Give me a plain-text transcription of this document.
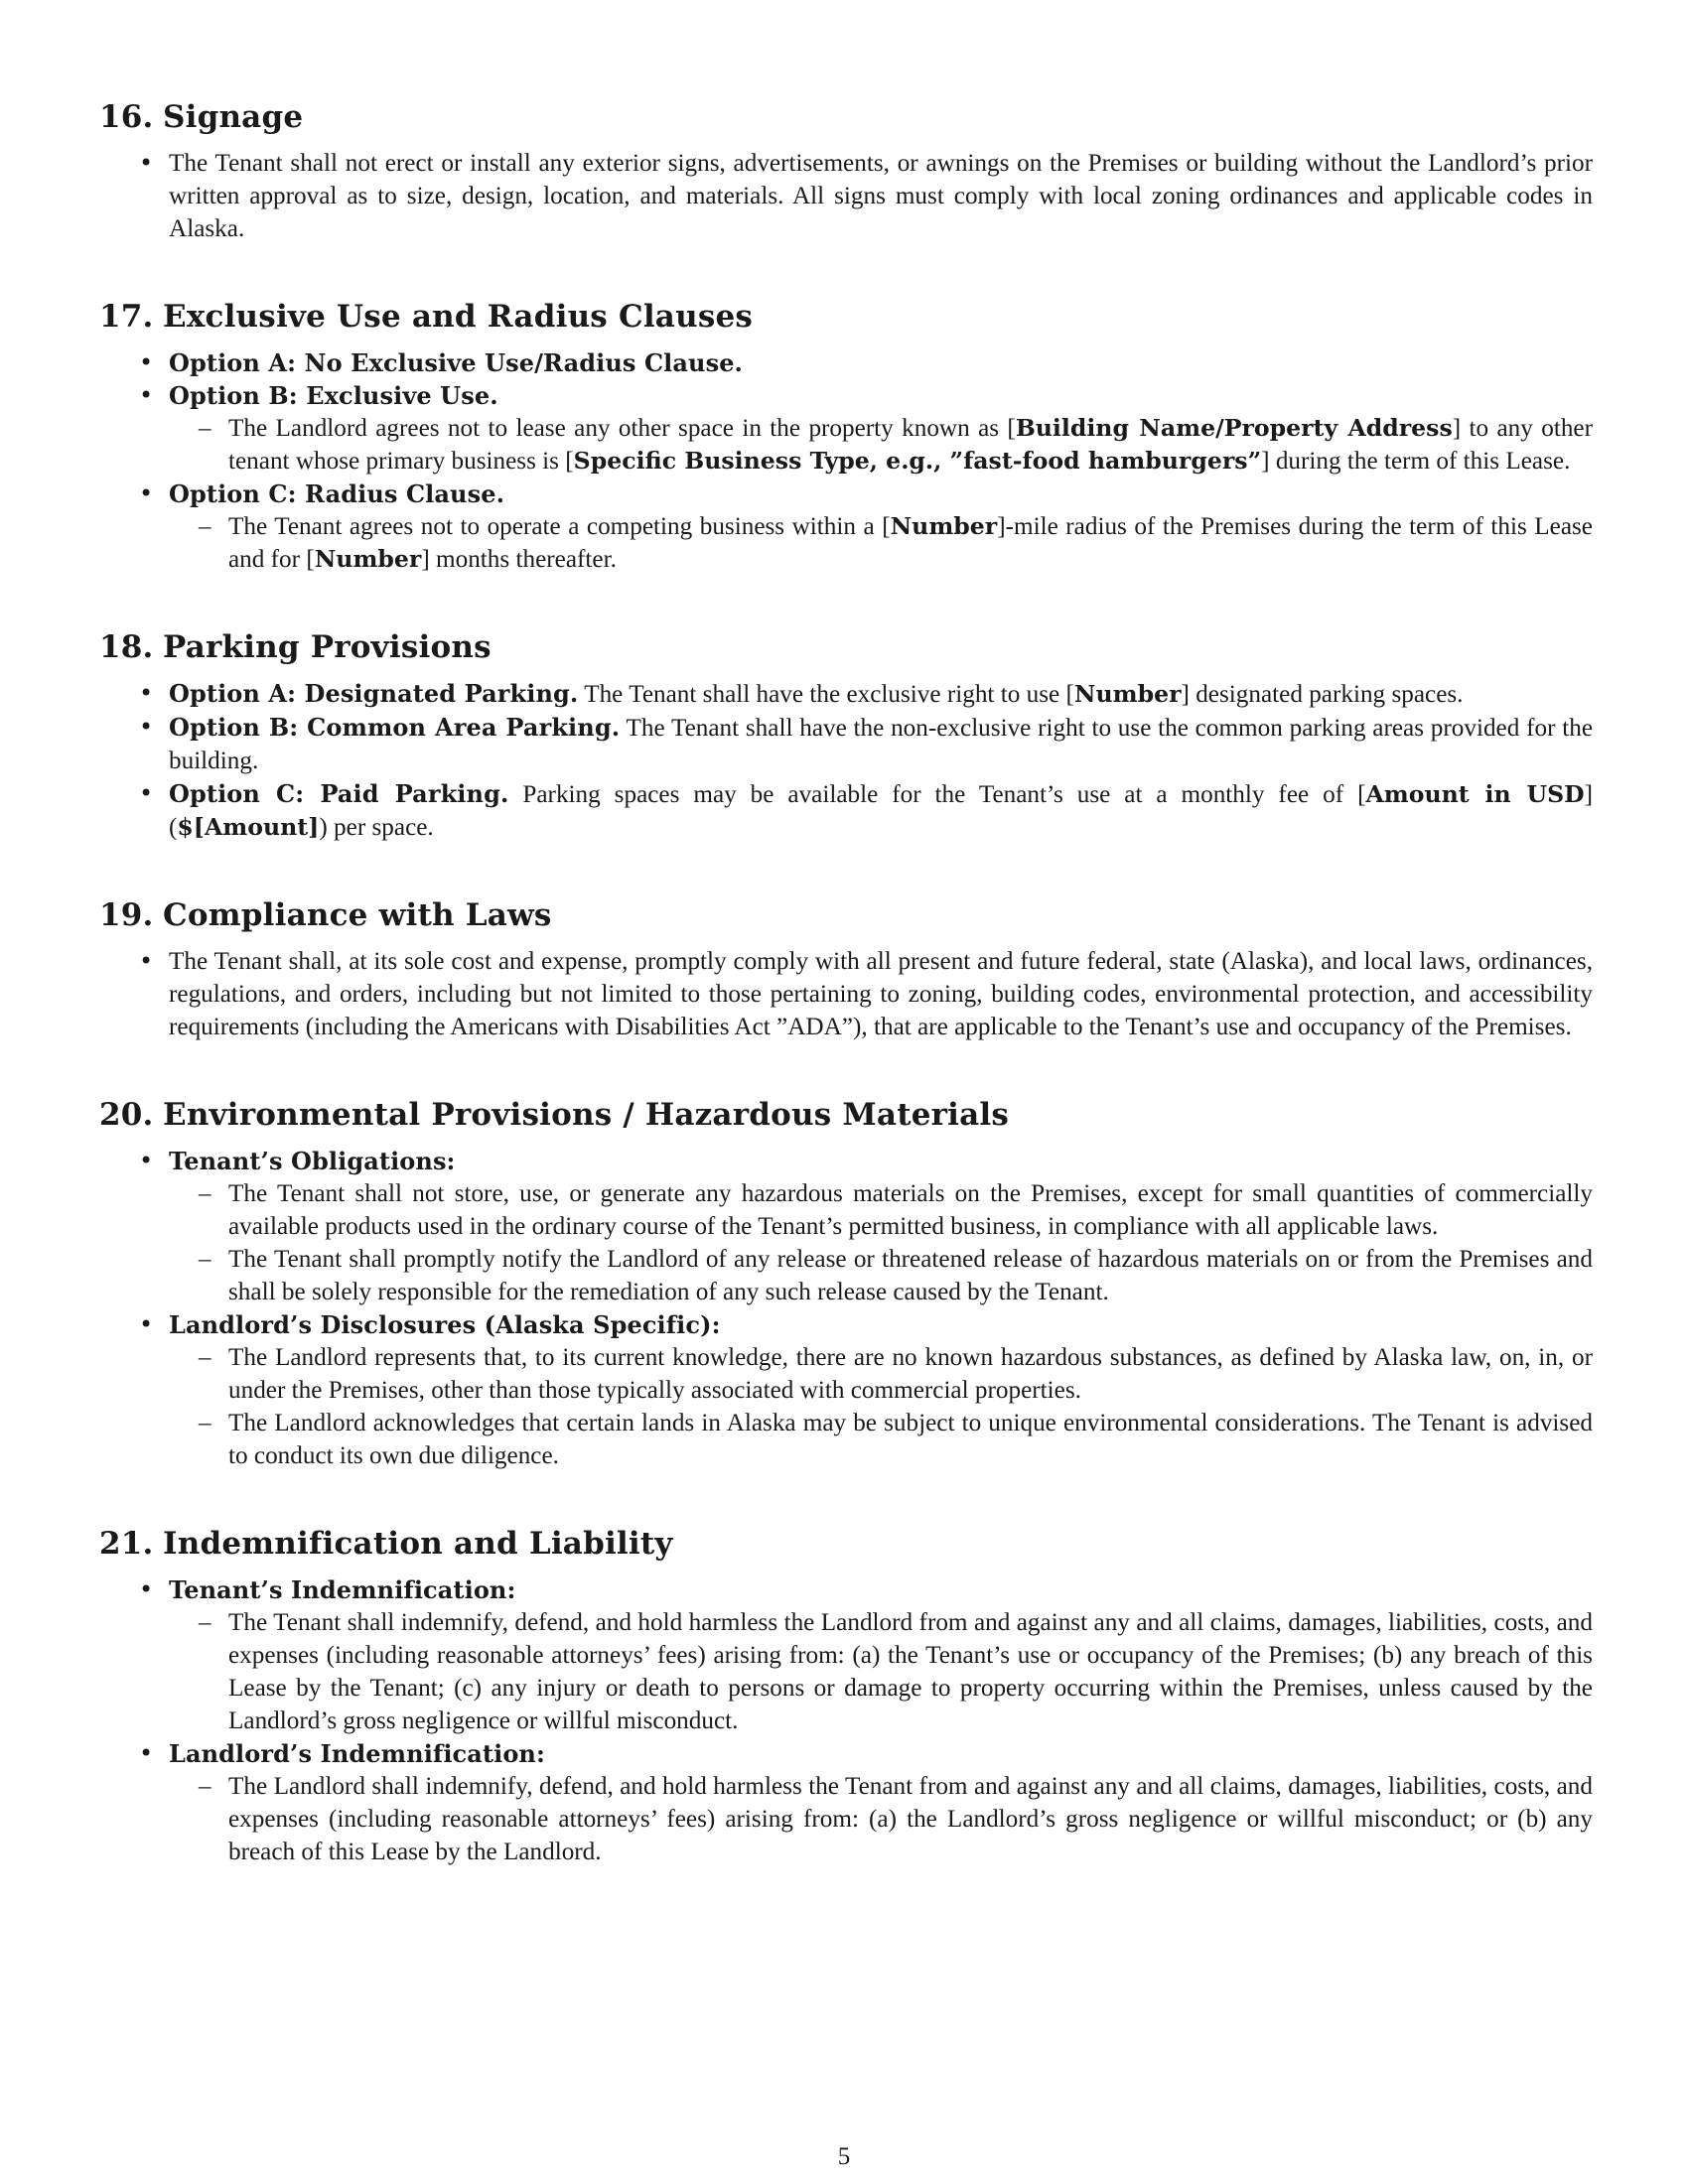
16. Signage

• The Tenant shall not erect or install any exterior signs, advertisements, or awnings on the Premises or building without the Landlord’s prior written approval as to size, design, location, and materials. All signs must comply with local zoning ordinances and applicable codes in Alaska.

17. Exclusive Use and Radius Clauses

• Option A: No Exclusive Use/Radius Clause.

• Option B: Exclusive Use.

– The Landlord agrees not to lease any other space in the property known as [Building Name/Property Address] to any other tenant whose primary business is [Specific Business Type, e.g., ”fast-food hamburgers”] during the term of this Lease.

• Option C: Radius Clause.

– The Tenant agrees not to operate a competing business within a [Number]-mile radius of the Premises during the term of this Lease and for [Number] months thereafter.

18. Parking Provisions

• Option A: Designated Parking. The Tenant shall have the exclusive right to use [Number] designated parking spaces.

• Option B: Common Area Parking. The Tenant shall have the non-exclusive right to use the common parking areas provided for the building.

• Option C: Paid Parking. Parking spaces may be available for the Tenant’s use at a monthly fee of [Amount in USD] ($[Amount]) per space.

19. Compliance with Laws

• The Tenant shall, at its sole cost and expense, promptly comply with all present and future federal, state (Alaska), and local laws, ordinances, regulations, and orders, including but not limited to those pertaining to zoning, building codes, environmental protection, and accessibility requirements (including the Americans with Disabilities Act ”ADA”), that are applicable to the Tenant’s use and occupancy of the Premises.

20. Environmental Provisions / Hazardous Materials

• Tenant’s Obligations:

– The Tenant shall not store, use, or generate any hazardous materials on the Premises, except for small quantities of commercially available products used in the ordinary course of the Tenant’s permitted business, in compliance with all applicable laws.

– The Tenant shall promptly notify the Landlord of any release or threatened release of hazardous materials on or from the Premises and shall be solely responsible for the remediation of any such release caused by the Tenant.

• Landlord’s Disclosures (Alaska Specific):

– The Landlord represents that, to its current knowledge, there are no known hazardous substances, as defined by Alaska law, on, in, or under the Premises, other than those typically associated with commercial properties.

– The Landlord acknowledges that certain lands in Alaska may be subject to unique environmental considerations. The Tenant is advised to conduct its own due diligence.

21. Indemnification and Liability

• Tenant’s Indemnification:

– The Tenant shall indemnify, defend, and hold harmless the Landlord from and against any and all claims, damages, liabilities, costs, and expenses (including reasonable attorneys’ fees) arising from: (a) the Tenant’s use or occupancy of the Premises; (b) any breach of this Lease by the Tenant; (c) any injury or death to persons or damage to property occurring within the Premises, unless caused by the Landlord’s gross negligence or willful misconduct.

• Landlord’s Indemnification:

– The Landlord shall indemnify, defend, and hold harmless the Tenant from and against any and all claims, damages, liabilities, costs, and expenses (including reasonable attorneys’ fees) arising from: (a) the Landlord’s gross negligence or willful misconduct; or (b) any breach of this Lease by the Landlord.

5
